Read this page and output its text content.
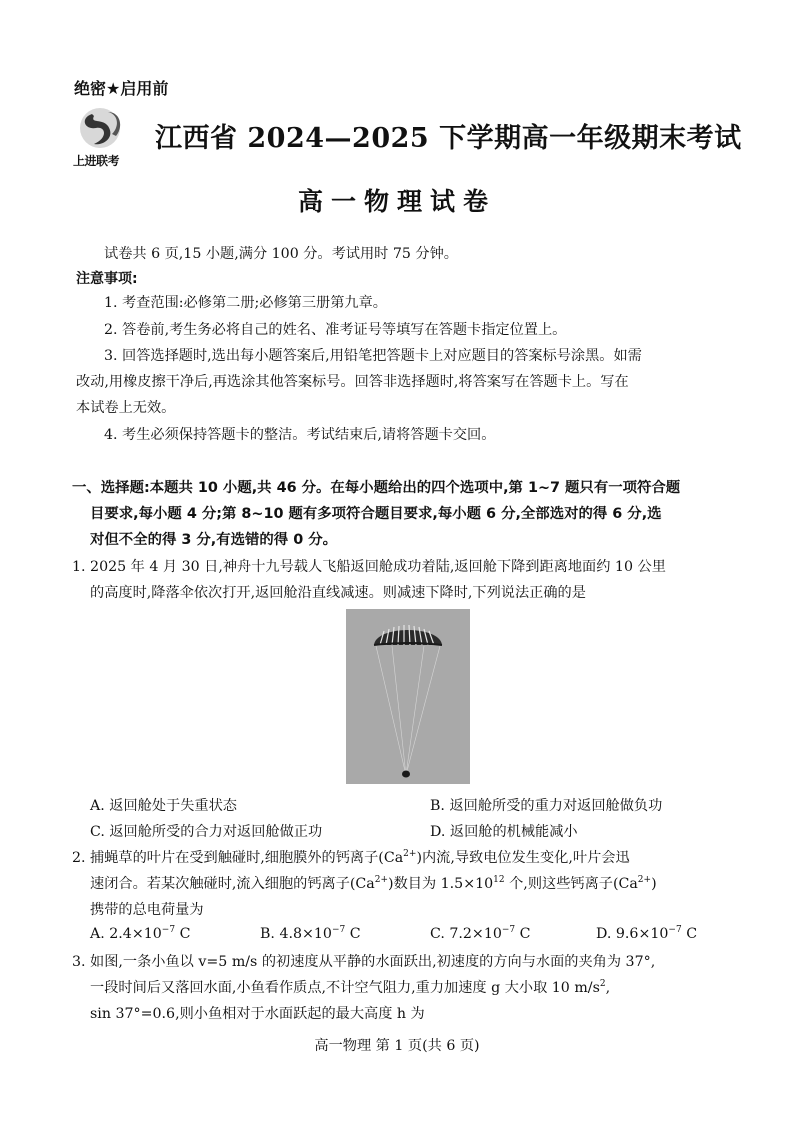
绝密★启用前
上进联考
江西省 2024—2025 下学期高一年级期末考试
高一物理试卷
试卷共 6 页,15 小题,满分 100 分。考试用时 75 分钟。
注意事项:
1. 考查范围:必修第二册;必修第三册第九章。
2. 答卷前,考生务必将自己的姓名、准考证号等填写在答题卡指定位置上。
3. 回答选择题时,选出每小题答案后,用铅笔把答题卡上对应题目的答案标号涂黑。如需
改动,用橡皮擦干净后,再选涂其他答案标号。回答非选择题时,将答案写在答题卡上。写在
本试卷上无效。
4. 考生必须保持答题卡的整洁。考试结束后,请将答题卡交回。
一、选择题:本题共 10 小题,共 46 分。在每小题给出的四个选项中,第 1~7 题只有一项符合题
目要求,每小题 4 分;第 8~10 题有多项符合题目要求,每小题 6 分,全部选对的得 6 分,选
对但不全的得 3 分,有选错的得 0 分。
1. 2025 年 4 月 30 日,神舟十九号载人飞船返回舱成功着陆,返回舱下降到距离地面约 10 公里
的高度时,降落伞依次打开,返回舱沿直线减速。则减速下降时,下列说法正确的是
A. 返回舱处于失重状态	B. 返回舱所受的重力对返回舱做负功
C. 返回舱所受的合力对返回舱做正功	D. 返回舱的机械能减小
2. 捕蝇草的叶片在受到触碰时,细胞膜外的钙离子$(Ca^{2+})$内流,导致电位发生变化,叶片会迅
速闭合。若某次触碰时,流入细胞的钙离子$(Ca^{2+})$数目为 $1.5\times 10^{12}$ 个,则这些钙离子$(Ca^{2+})$
携带的总电荷量为
A. $2.4\times 10^{-7}$ C	B. $4.8\times 10^{-7}$ C	C. $7.2\times 10^{-7}$ C	D. $9.6\times 10^{-7}$ C
3. 如图,一条小鱼以 v=5 m/s 的初速度从平静的水面跃出,初速度的方向与水面的夹角为 37°,
一段时间后又落回水面,小鱼看作质点,不计空气阻力,重力加速度 g 大小取 10 $m/s^2$,
sin 37°=0.6,则小鱼相对于水面跃起的最大高度 h 为
高一物理 第 1 页(共 6 页)
